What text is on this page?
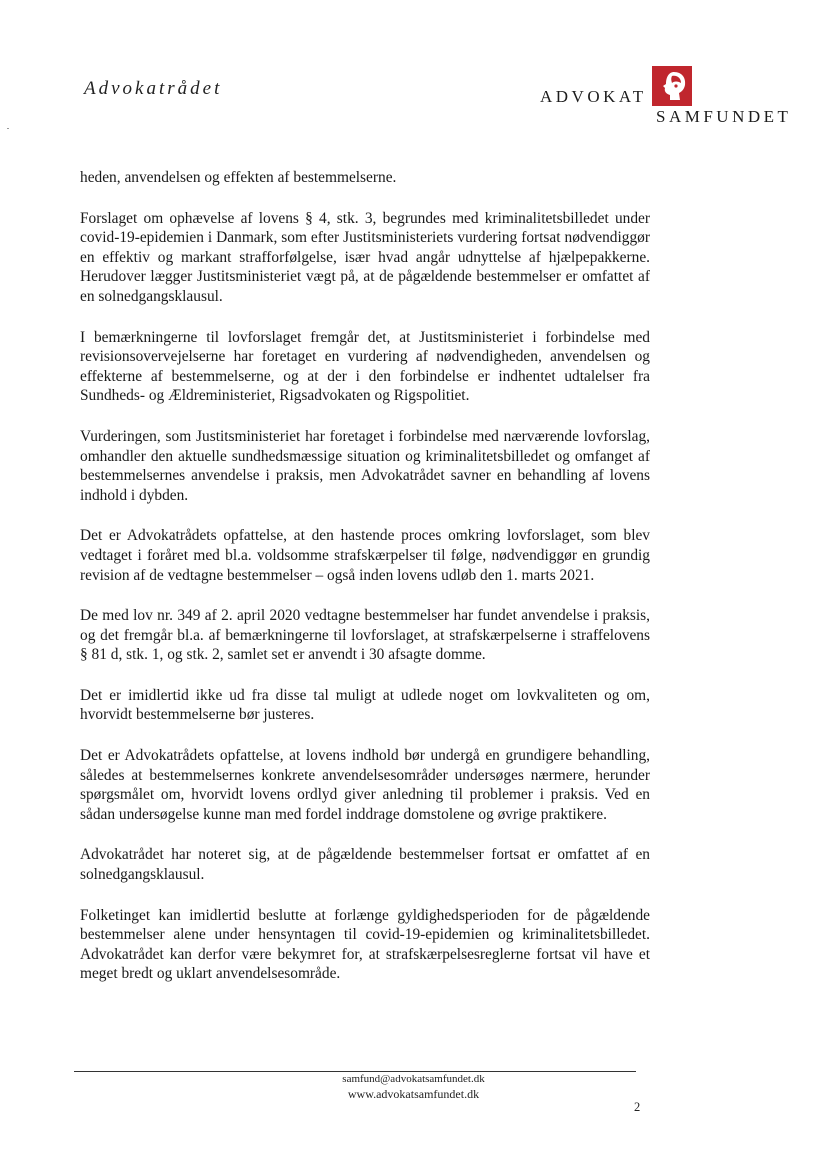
Advokatrådet	ADVOKAT
SAMFUNDET

heden, anvendelsen og effekten af bestemmelserne.

Forslaget om ophævelse af lovens § 4, stk. 3, begrundes med kriminalitetsbilledet under covid-19-epidemien i Danmark, som efter Justitsministeriets vurdering fortsat nødvendiggør en effektiv og markant strafforfølgelse, især hvad angår udnyttelse af hjælpepakkerne. Herudover lægger Justitsministeriet vægt på, at de pågældende bestemmelser er omfattet af en solnedgangsklausul.

I bemærkningerne til lovforslaget fremgår det, at Justitsministeriet i forbindelse med revisionsovervejelserne har foretaget en vurdering af nødvendigheden, anvendelsen og effekterne af bestemmelserne, og at der i den forbindelse er indhentet udtalelser fra Sundheds- og Ældreministeriet, Rigsadvokaten og Rigspolitiet.

Vurderingen, som Justitsministeriet har foretaget i forbindelse med nærværende lovforslag, omhandler den aktuelle sundhedsmæssige situation og kriminalitetsbilledet og omfanget af bestemmelsernes anvendelse i praksis, men Advokatrådet savner en behandling af lovens indhold i dybden.

Det er Advokatrådets opfattelse, at den hastende proces omkring lovforslaget, som blev vedtaget i foråret med bl.a. voldsomme strafskærpelser til følge, nødvendiggør en grundig revision af de vedtagne bestemmelser – også inden lovens udløb den 1. marts 2021.

De med lov nr. 349 af 2. april 2020 vedtagne bestemmelser har fundet anvendelse i praksis, og det fremgår bl.a. af bemærkningerne til lovforslaget, at strafskærpelserne i straffelovens § 81 d, stk. 1, og stk. 2, samlet set er anvendt i 30 afsagte domme.

Det er imidlertid ikke ud fra disse tal muligt at udlede noget om lovkvaliteten og om, hvorvidt bestemmelserne bør justeres.

Det er Advokatrådets opfattelse, at lovens indhold bør undergå en grundigere behandling, således at bestemmelsernes konkrete anvendelsesområder undersøges nærmere, herunder spørgsmålet om, hvorvidt lovens ordlyd giver anledning til problemer i praksis. Ved en sådan undersøgelse kunne man med fordel inddrage domstolene og øvrige praktikere.

Advokatrådet har noteret sig, at de pågældende bestemmelser fortsat er omfattet af en solnedgangsklausul.

Folketinget kan imidlertid beslutte at forlænge gyldighedsperioden for de pågældende bestemmelser alene under hensyntagen til covid-19-epidemien og kriminalitetsbilledet. Advokatrådet kan derfor være bekymret for, at strafskærpelsesreglerne fortsat vil have et meget bredt og uklart anvendelsesområde.

samfund@advokatsamfundet.dk
www.advokatsamfundet.dk
2
